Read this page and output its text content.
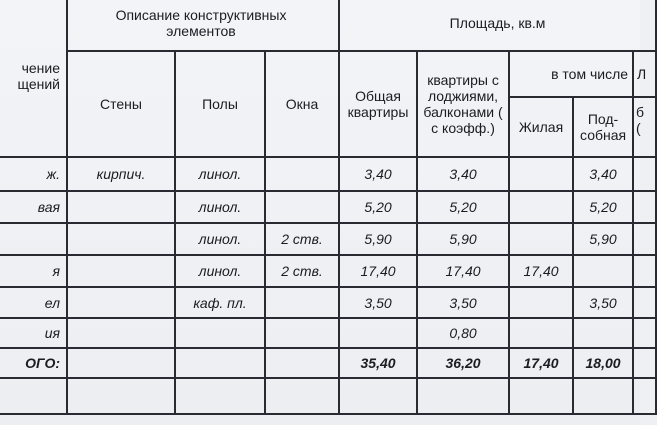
чение
щений	Описание конструктивных элементов			Площадь, кв.м				
	Стены	Полы	Окна	Общая квартиры	квартиры с лоджиями, балконами ( с коэфф.)	в том числе		Л
						Жилая	Под-собная	б
(

ж.	кирпич.	линол.		3,40	3,40		3,40	
вая		линол.		5,20	5,20		5,20	
		линол.	2 ств.	5,90	5,90		5,90	
я		линол.	2 ств.	17,40	17,40	17,40		
ел		каф. пл.		3,50	3,50		3,50	
ия					0,80			
ОГО:				35,40	36,20	17,40	18,00	
